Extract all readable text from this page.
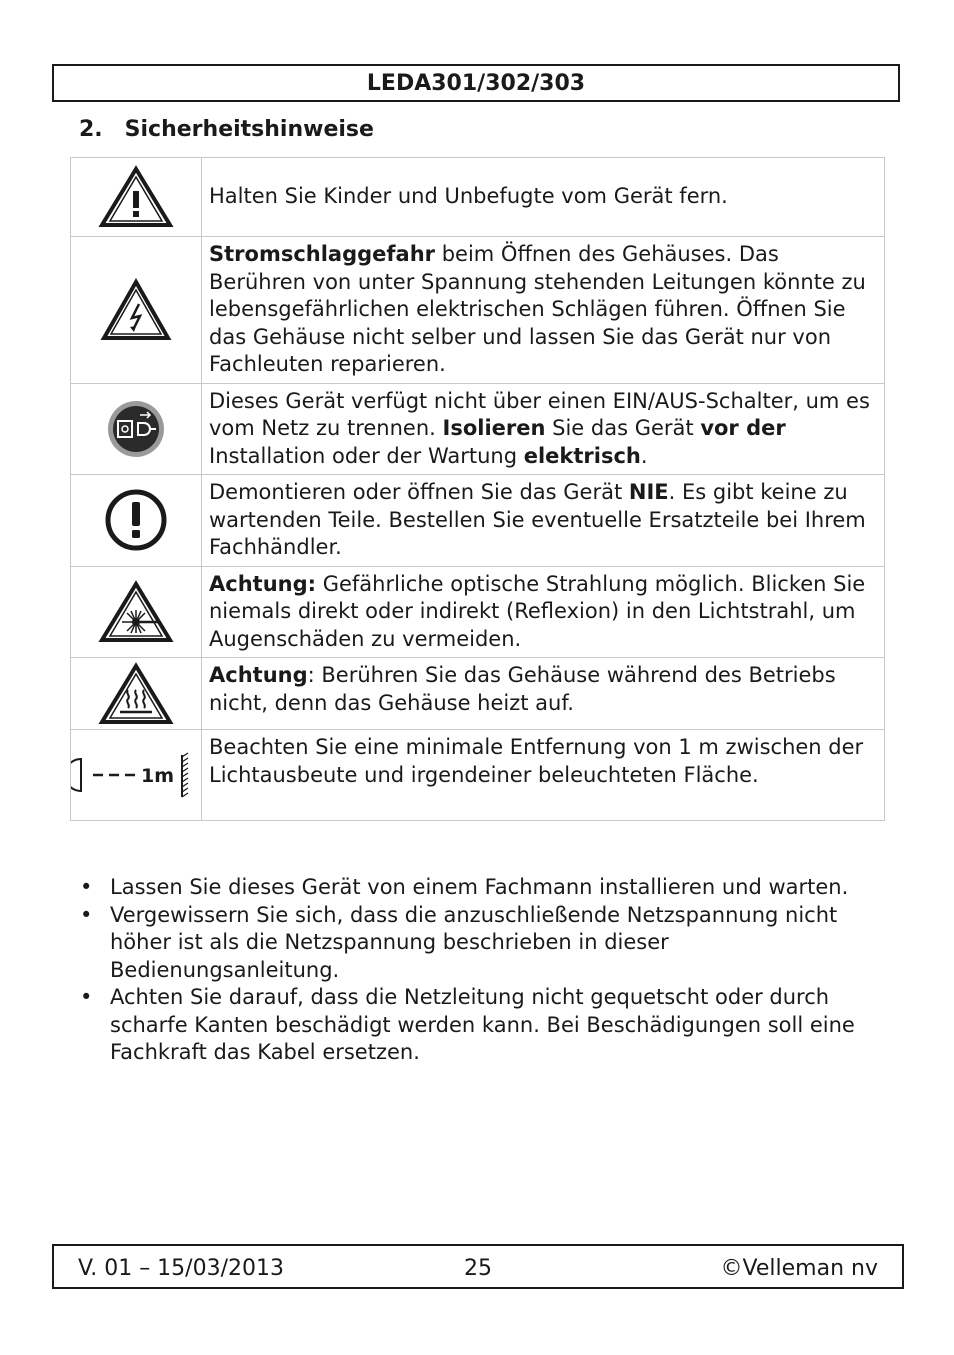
LEDA301/302/303
2. Sicherheitshinweise
	Halten Sie Kinder und Unbefugte vom Gerät fern.

	Stromschlaggefahr beim Öffnen des Gehäuses. Das Berühren von unter Spannung stehenden Leitungen könnte zu lebensgefährlichen elektrischen Schlägen führen. Öffnen Sie das Gehäuse nicht selber und lassen Sie das Gerät nur von Fachleuten reparieren.

	Dieses Gerät verfügt nicht über einen EIN/AUS-Schalter, um es vom Netz zu trennen. Isolieren Sie das Gerät vor der Installation oder der Wartung elektrisch.

	Demontieren oder öffnen Sie das Gerät NIE. Es gibt keine zu wartenden Teile. Bestellen Sie eventuelle Ersatzteile bei Ihrem Fachhändler.

	Achtung: Gefährliche optische Strahlung möglich. Blicken Sie niemals direkt oder indirekt (Reflexion) in den Lichtstrahl, um Augenschäden zu vermeiden.

	Achtung: Berühren Sie das Gehäuse während des Betriebs nicht, denn das Gehäuse heizt auf.

1m	Beachten Sie eine minimale Entfernung von 1 m zwischen der Lichtausbeute und irgendeiner beleuchteten Fläche.
• Lassen Sie dieses Gerät von einem Fachmann installieren und warten.
• Vergewissern Sie sich, dass die anzuschließende Netzspannung nicht höher ist als die Netzspannung beschrieben in dieser Bedienungsanleitung.
• Achten Sie darauf, dass die Netzleitung nicht gequetscht oder durch scharfe Kanten beschädigt werden kann. Bei Beschädigungen soll eine Fachkraft das Kabel ersetzen.
V. 01 – 15/03/2013	25	©Velleman nv
